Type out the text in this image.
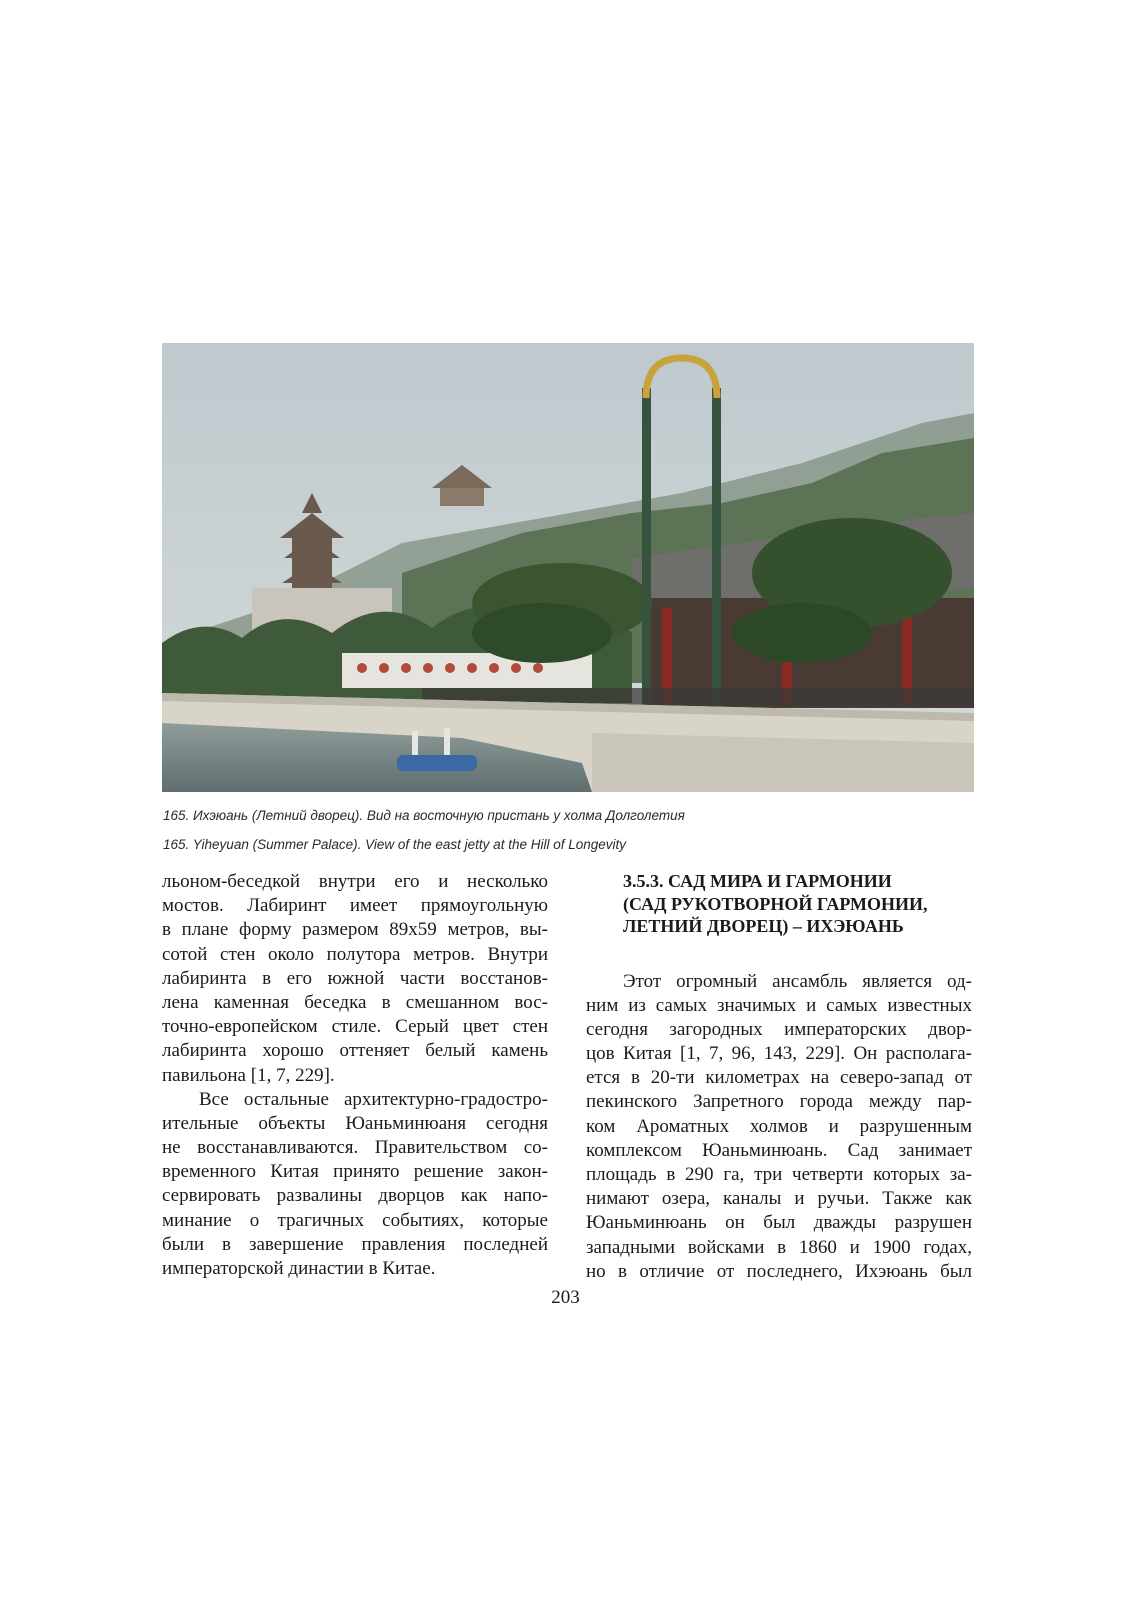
165. Ихэюань (Летний дворец). Вид на восточную пристань у холма Долголетия
165. Yiheyuan (Summer Palace). View of the east jetty at the Hill of Longevity
льоном-беседкой внутри его и несколько
мостов. Лабиринт имеет прямоугольную
в плане форму размером 89х59 метров, вы-
сотой стен около полутора метров. Внутри
лабиринта в его южной части восстанов-
лена каменная беседка в смешанном вос-
точно-европейском стиле. Серый цвет стен
лабиринта хорошо оттеняет белый камень
павильона [1, 7, 229].
Все остальные архитектурно-градостро-
ительные объекты Юаньминюаня сегодня
не восстанавливаются. Правительством со-
временного Китая принято решение закон-
сервировать развалины дворцов как напо-
минание о трагичных событиях, которые
были в завершение правления последней
императорской династии в Китае.
3.5.3. САД МИРА И ГАРМОНИИ
(САД РУКОТВОРНОЙ ГАРМОНИИ,
ЛЕТНИЙ ДВОРЕЦ) – ИХЭЮАНЬ
Этот огромный ансамбль является од-
ним из самых значимых и самых известных
сегодня загородных императорских двор-
цов Китая [1, 7, 96, 143, 229]. Он располага-
ется в 20-ти километрах на северо-запад от
пекинского Запретного города между пар-
ком Ароматных холмов и разрушенным
комплексом Юаньминюань. Сад занимает
площадь в 290 га, три четверти которых за-
нимают озера, каналы и ручьи. Также как
Юаньминюань он был дважды разрушен
западными войсками в 1860 и 1900 годах,
но в отличие от последнего, Ихэюань был
203
